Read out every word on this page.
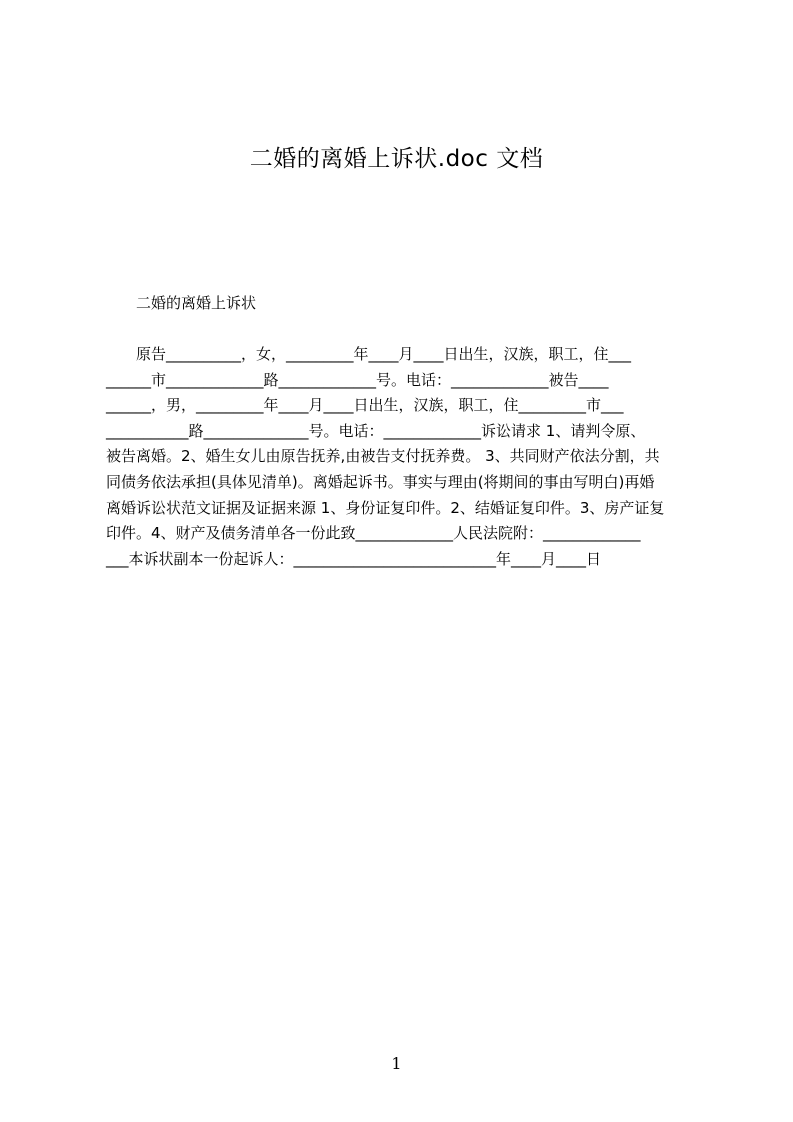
二婚的离婚上诉状.doc 文档
二婚的离婚上诉状
原告__________，女，_________年____月____日出生，汉族，职工，住___
______市_____________路_____________号。电话：_____________被告____
______，男，_________年____月____日出生，汉族，职工，住_________市___
___________路______________号。电话：_____________诉讼请求 1、请判令原、
被告离婚。2、婚生女儿由原告抚养,由被告支付抚养费。 3、共同财产依法分割，共
同债务依法承担(具体见清单)。离婚起诉书。事实与理由(将期间的事由写明白)再婚
离婚诉讼状范文证据及证据来源 1、身份证复印件。2、结婚证复印件。3、房产证复
印件。4、财产及债务清单各一份此致_____________人民法院附：_____________
___本诉状副本一份起诉人：___________________________年____月____日
1
